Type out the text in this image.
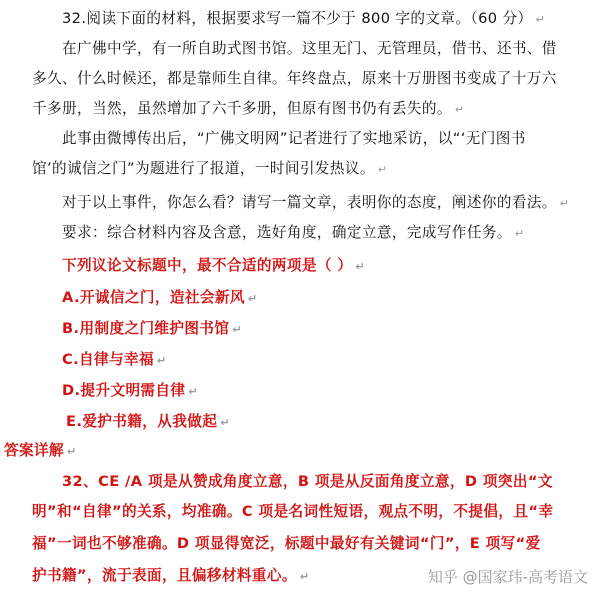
32.阅读下面的材料，根据要求写一篇不少于 800 字的文章。（60 分） ↵
在广佛中学，有一所自助式图书馆。这里无门、无管理员，借书、还书、借
多久、什么时候还，都是靠师生自律。年终盘点，原来十万册图书变成了十万六
千多册，当然，虽然增加了六千多册，但原有图书仍有丢失的。 ↵
此事由微博传出后，“广佛文明网”记者进行了实地采访，以“‘无门图书
馆’的诚信之门”为题进行了报道，一时间引发热议。 ↵
对于以上事件，你怎么看？请写一篇文章，表明你的态度，阐述你的看法。 ↵
要求：综合材料内容及含意，选好角度，确定立意，完成写作任务。 ↵
下列议论文标题中，最不合适的两项是（ ） ↵
A.开诚信之门，造社会新风 ↵
B.用制度之门维护图书馆 ↵
C.自律与幸福 ↵
D.提升文明需自律 ↵
E.爱护书籍，从我做起 ↵
答案详解 ↵
32、CE /A 项是从赞成角度立意，B 项是从反面角度立意，D 项突出“文
明”和“自律”的关系，均准确。C 项是名词性短语，观点不明，不提倡，且“幸
福”一词也不够准确。D 项显得宽泛，标题中最好有关键词“门”，E 项写“爱
护书籍”，流于表面，且偏移材料重心。 ↵	知乎 @国家玮-高考语文
